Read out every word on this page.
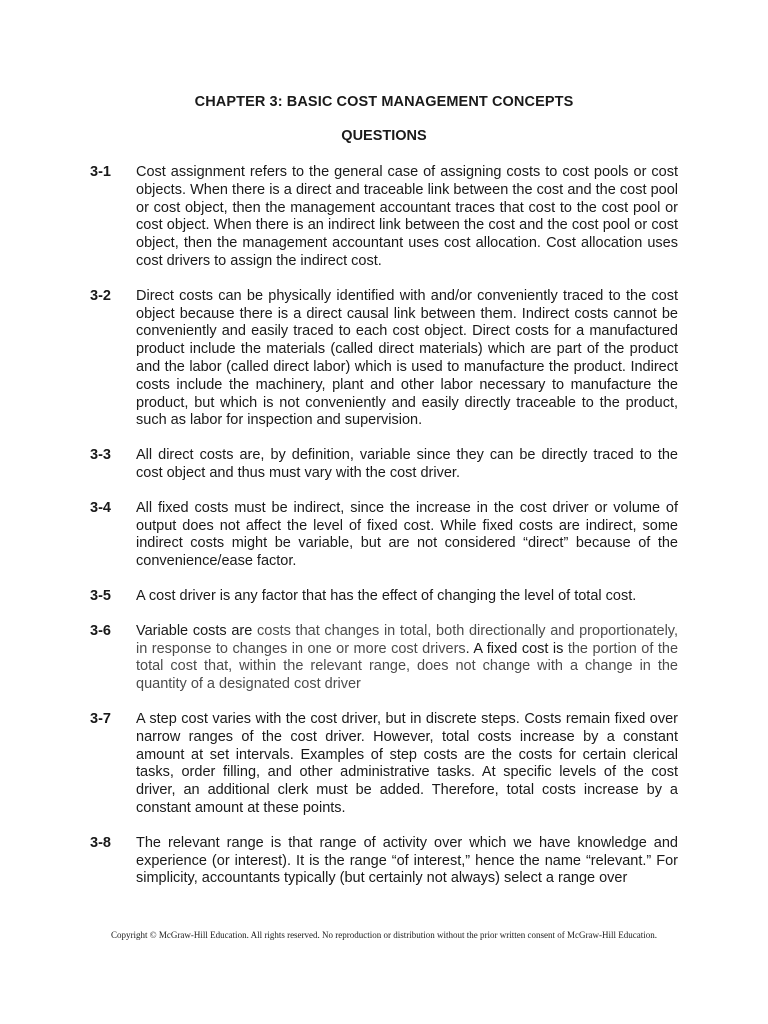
CHAPTER 3: BASIC COST MANAGEMENT CONCEPTS
QUESTIONS
3-1	Cost assignment refers to the general case of assigning costs to cost pools or cost objects. When there is a direct and traceable link between the cost and the cost pool or cost object, then the management accountant traces that cost to the cost pool or cost object. When there is an indirect link between the cost and the cost pool or cost object, then the management accountant uses cost allocation. Cost allocation uses cost drivers to assign the indirect cost.
3-2	Direct costs can be physically identified with and/or conveniently traced to the cost object because there is a direct causal link between them. Indirect costs cannot be conveniently and easily traced to each cost object. Direct costs for a manufactured product include the materials (called direct materials) which are part of the product and the labor (called direct labor) which is used to manufacture the product. Indirect costs include the machinery, plant and other labor necessary to manufacture the product, but which is not conveniently and easily directly traceable to the product, such as labor for inspection and supervision.
3-3	All direct costs are, by definition, variable since they can be directly traced to the cost object and thus must vary with the cost driver.
3-4	All fixed costs must be indirect, since the increase in the cost driver or volume of output does not affect the level of fixed cost. While fixed costs are indirect, some indirect costs might be variable, but are not considered “direct” because of the convenience/ease factor.
3-5	A cost driver is any factor that has the effect of changing the level of total cost.
3-6	Variable costs are costs that changes in total, both directionally and proportionately, in response to changes in one or more cost drivers. A fixed cost is the portion of the total cost that, within the relevant range, does not change with a change in the quantity of a designated cost driver
3-7	A step cost varies with the cost driver, but in discrete steps. Costs remain fixed over narrow ranges of the cost driver. However, total costs increase by a constant amount at set intervals. Examples of step costs are the costs for certain clerical tasks, order filling, and other administrative tasks. At specific levels of the cost driver, an additional clerk must be added. Therefore, total costs increase by a constant amount at these points.
3-8	The relevant range is that range of activity over which we have knowledge and experience (or interest). It is the range “of interest,” hence the name “relevant.” For simplicity, accountants typically (but certainly not always) select a range over
Copyright © McGraw-Hill Education. All rights reserved. No reproduction or distribution without the prior written consent of McGraw-Hill Education.
